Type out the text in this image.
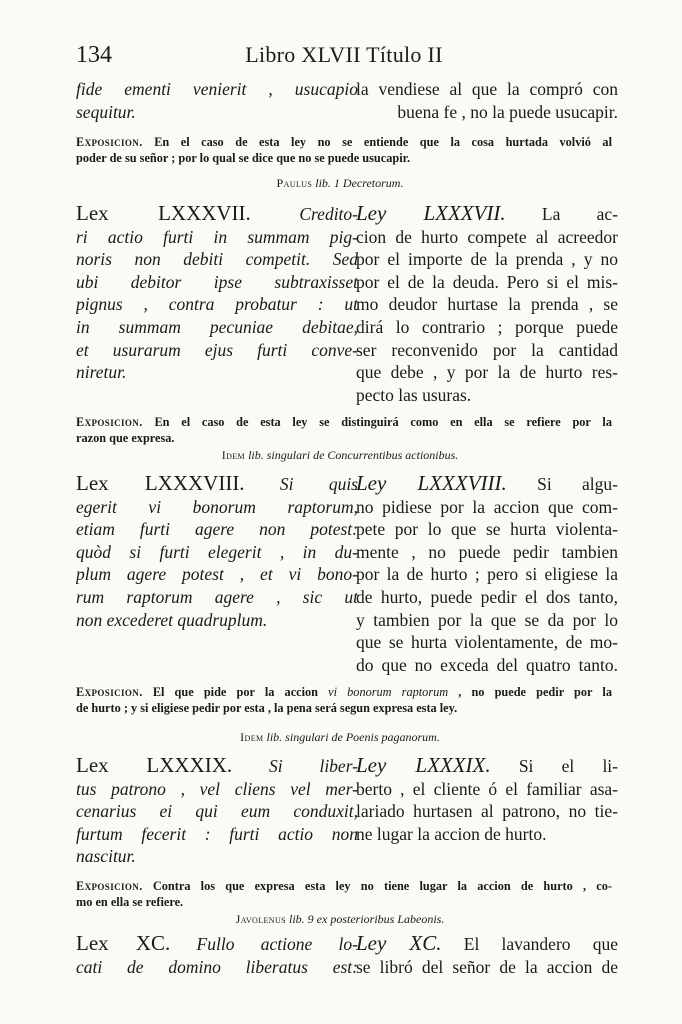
134	Libro XLVII Título II
fide ementi venierit , usucapio
sequitur.
la vendiese al que la compró con
buena fe , no la puede usucapir.
Exposicion. En el caso de esta ley no se entiende que la cosa hurtada volvió al
poder de su señor ; por lo qual se dice que no se puede usucapir.
Paulus lib. 1 Decretorum.
Lex LXXXVII.	Credito-
ri actio furti in summam pig-
noris non debiti competit. Sed
ubi debitor ipse subtraxisset
pignus , contra probatur : ut
in summam pecuniae debitae,
et usurarum ejus furti conve-
niretur.
Ley LXXXVII. La ac-
cion de hurto compete al acreedor
por el importe de la prenda , y no
por el de la deuda. Pero si el mis-
mo deudor hurtase la prenda , se
dirá lo contrario ; porque puede
ser reconvenido por la cantidad
que debe , y por la de hurto res-
pecto las usuras.
Exposicion. En el caso de esta ley se distinguirá como en ella se refiere por la
razon que expresa.
Idem lib. singulari de Concurrentibus actionibus.
Lex LXXXVIII. Si quis
egerit vi bonorum raptorum,
etiam furti agere non potest:
quòd si furti elegerit , in du-
plum agere potest , et vi bono-
rum raptorum agere , sic ut
non excederet quadruplum.
Ley LXXXVIII. Si algu-
no pidiese por la accion que com-
pete por lo que se hurta violenta-
mente , no puede pedir tambien
por la de hurto ; pero si eligiese la
de hurto, puede pedir el dos tanto,
y tambien por la que se da por lo
que se hurta violentamente, de mo-
do que no exceda del quatro tanto.
Exposicion. El que pide por la accion vi bonorum raptorum , no puede pedir por la
de hurto ; y si eligiese pedir por esta , la pena será segun expresa esta ley.
Idem lib. singulari de Poenis paganorum.
Lex LXXXIX. Si liber-
tus patrono , vel cliens vel mer-
cenarius ei qui eum conduxit,
furtum fecerit : furti actio non
nascitur.
Ley LXXXIX. Si el li-
berto , el cliente ó el familiar asa-
lariado hurtasen al patrono, no tie-
ne lugar la accion de hurto.
Exposicion. Contra los que expresa esta ley no tiene lugar la accion de hurto , co-
mo en ella se refiere.
Javolenus lib. 9 ex posterioribus Labeonis.
Lex XC. Fullo actione lo-
cati de domino liberatus est:
Ley XC. El lavandero que
se libró del señor de la accion de
